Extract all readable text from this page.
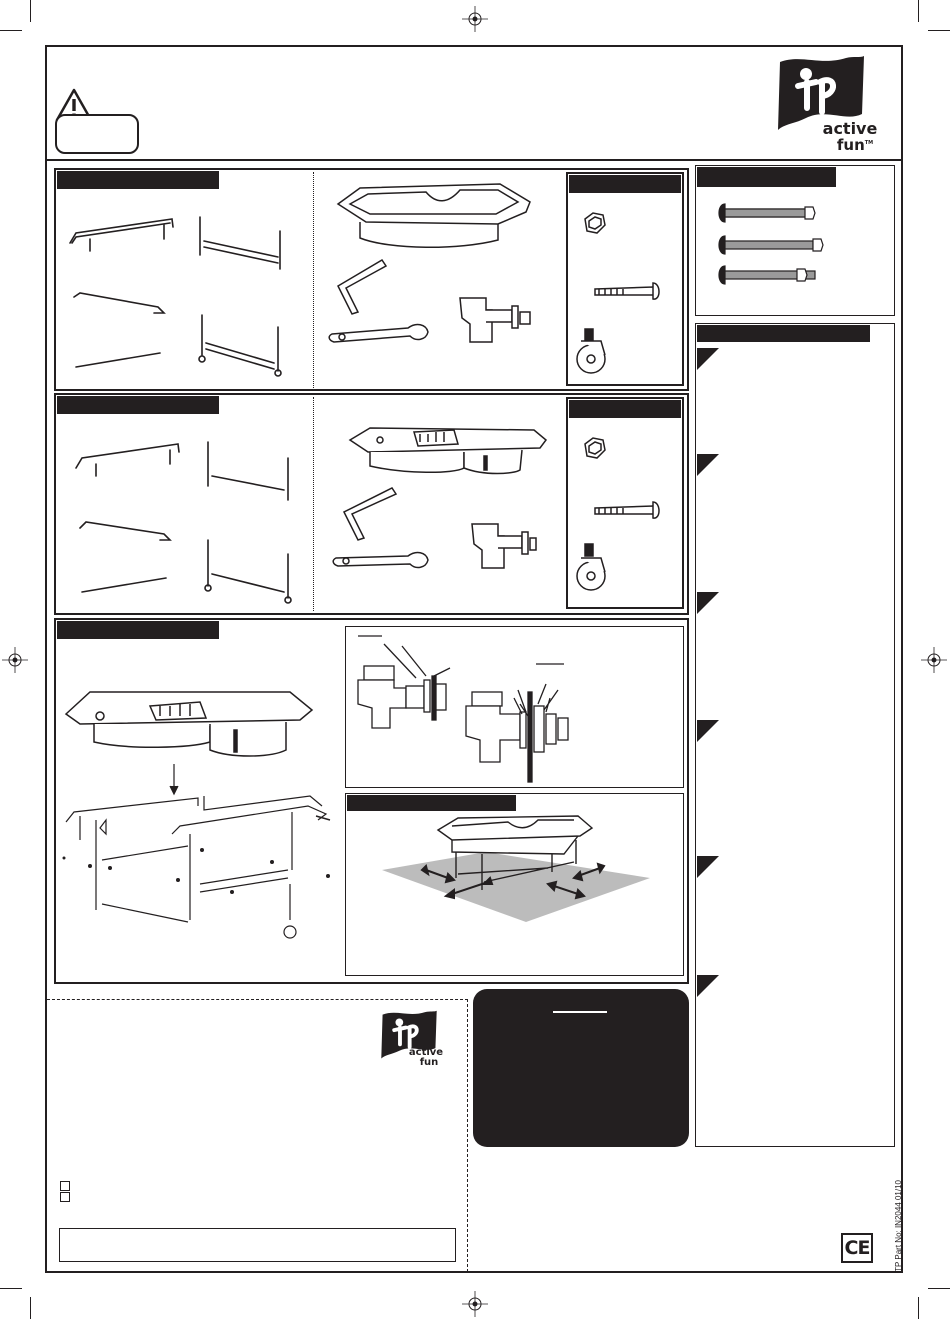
active
fun™
active
fun
CE	TP Part No: IN2044 01/10
